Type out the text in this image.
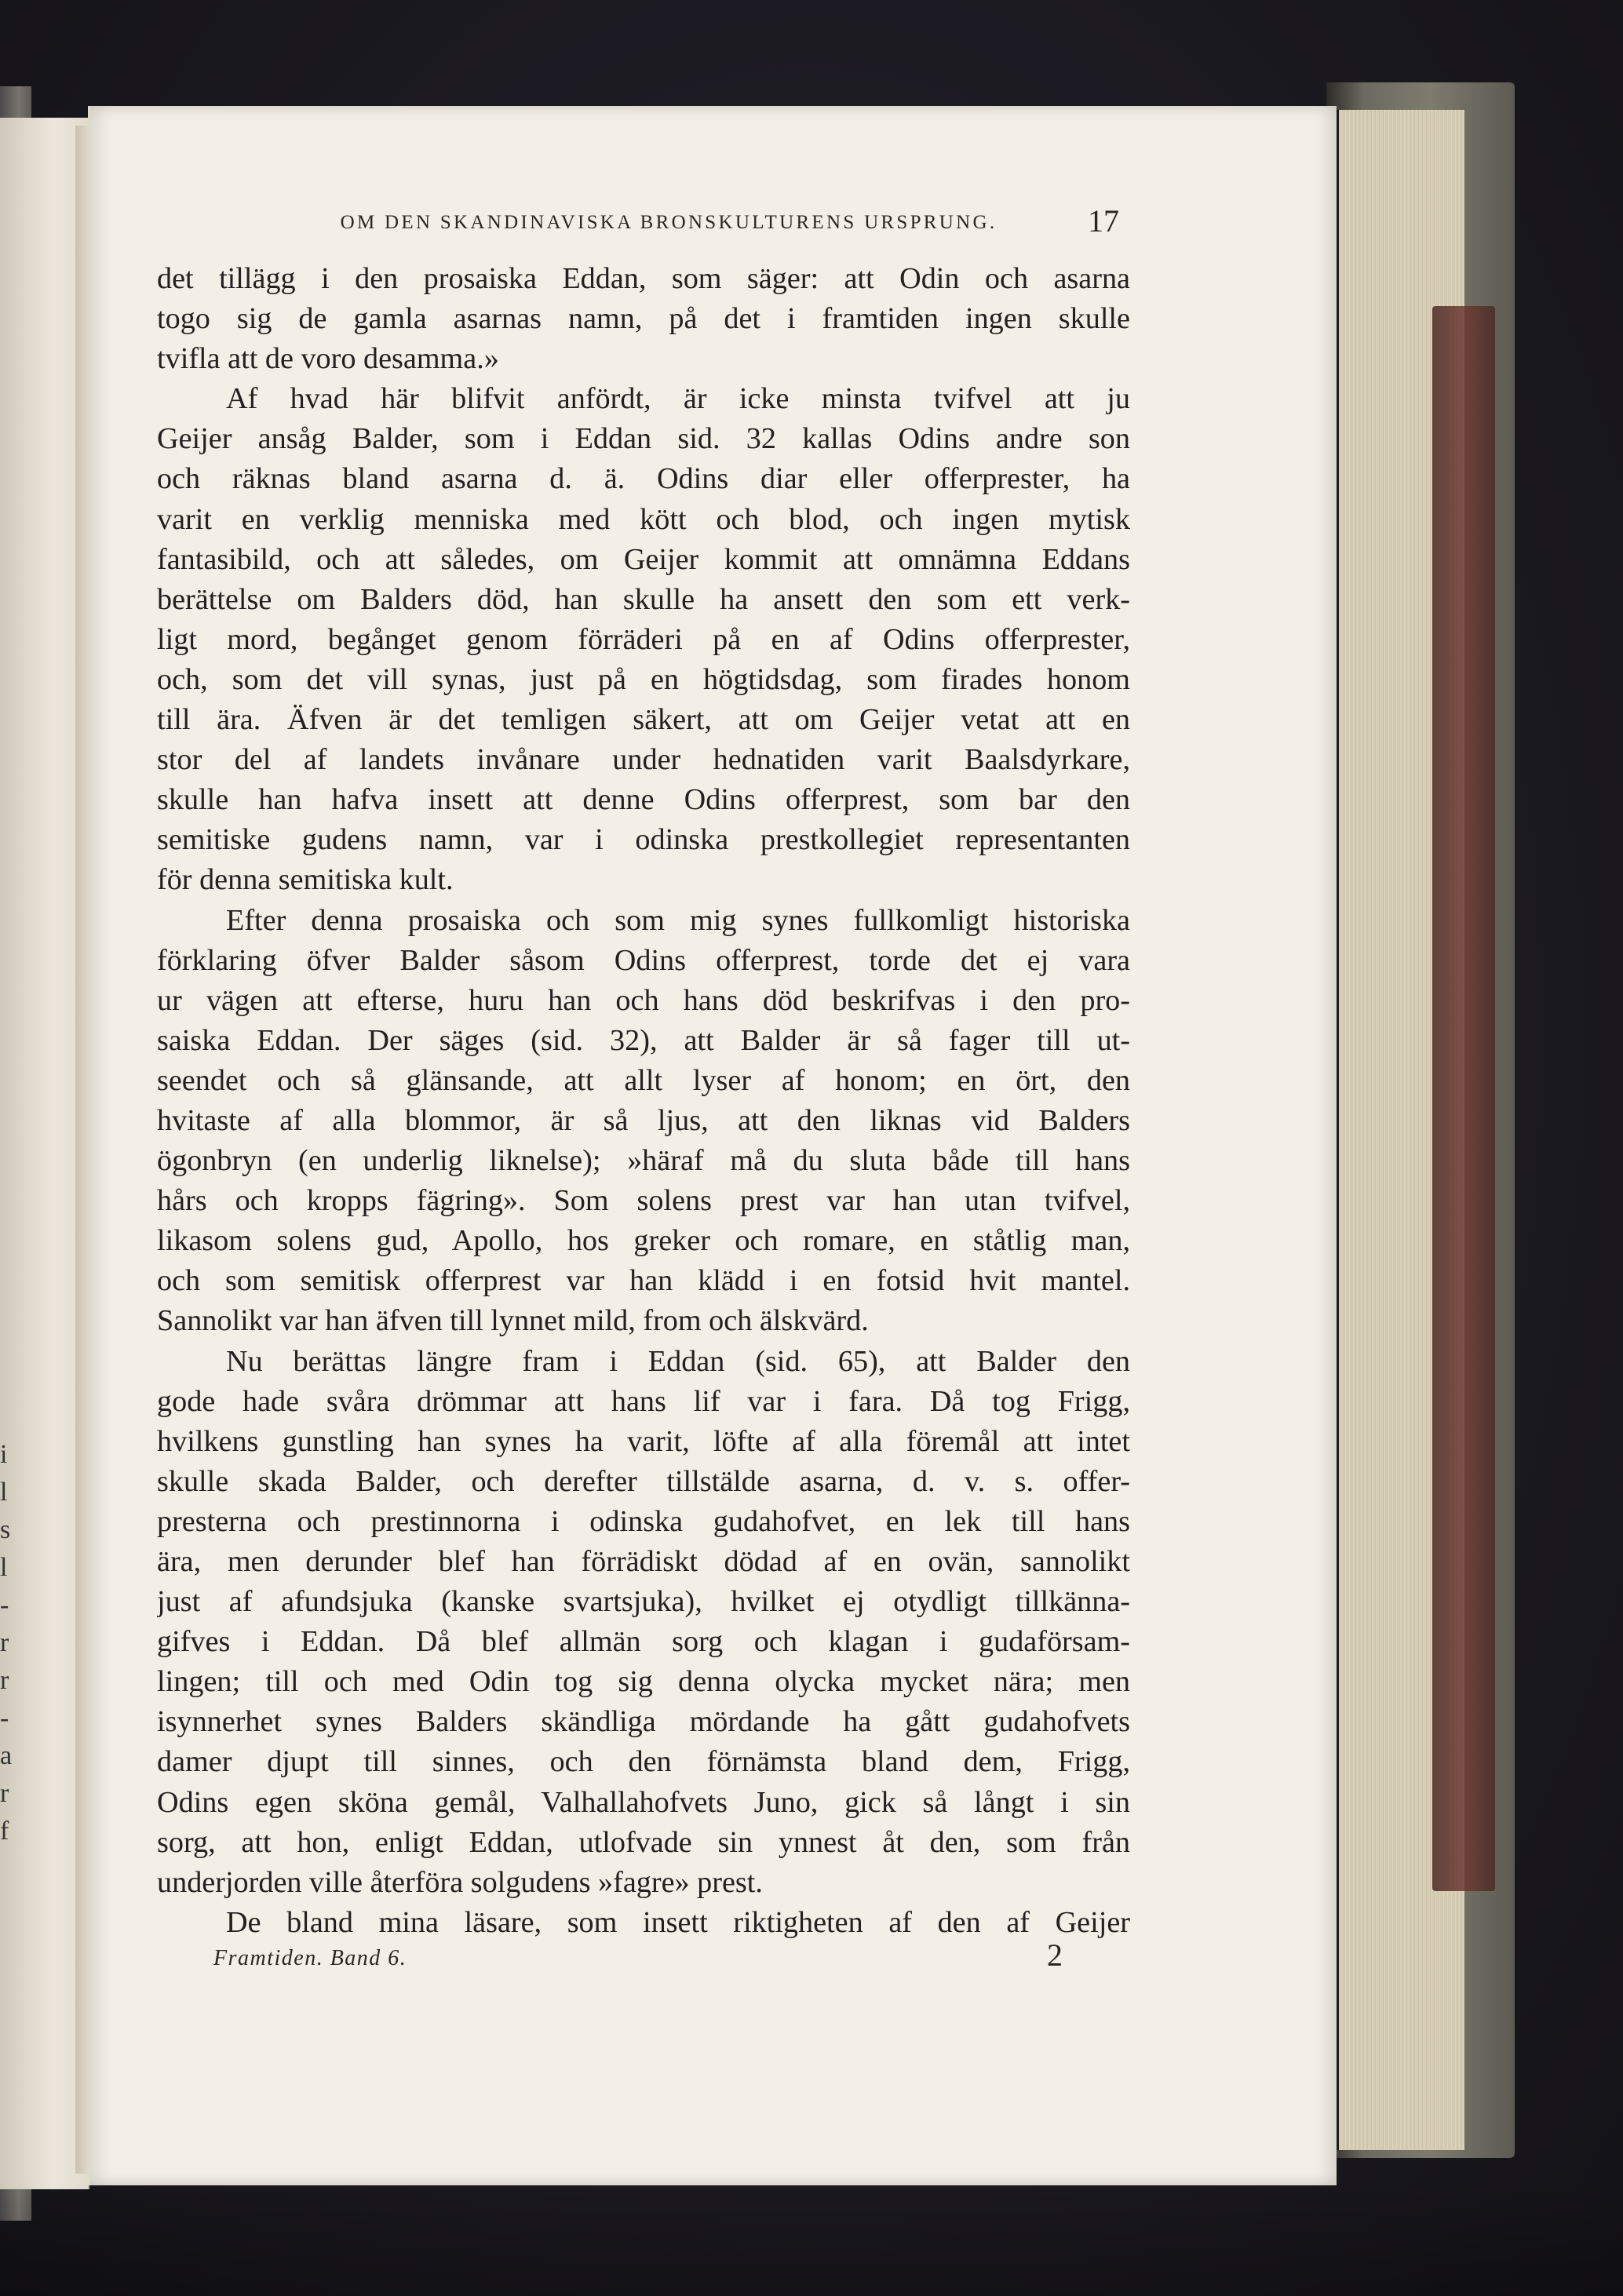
i
l
s
l
-
r
r
-
a
r
f
OM DEN SKANDINAVISKA BRONSKULTURENS URSPRUNG.	17
det tillägg i den prosaiska Eddan, som säger: att Odin och asarna
togo sig de gamla asarnas namn, på det i framtiden ingen skulle
tvifla att de voro desamma.»
Af hvad här blifvit anfördt, är icke minsta tvifvel att ju
Geijer ansåg Balder, som i Eddan sid. 32 kallas Odins andre son
och räknas bland asarna d. ä. Odins diar eller offerprester, ha
varit en verklig menniska med kött och blod, och ingen mytisk
fantasibild, och att således, om Geijer kommit att omnämna Eddans
berättelse om Balders död, han skulle ha ansett den som ett verk-
ligt mord, begånget genom förräderi på en af Odins offerprester,
och, som det vill synas, just på en högtidsdag, som firades honom
till ära. Äfven är det temligen säkert, att om Geijer vetat att en
stor del af landets invånare under hednatiden varit Baalsdyrkare,
skulle han hafva insett att denne Odins offerprest, som bar den
semitiske gudens namn, var i odinska prestkollegiet representanten
för denna semitiska kult.
Efter denna prosaiska och som mig synes fullkomligt historiska
förklaring öfver Balder såsom Odins offerprest, torde det ej vara
ur vägen att efterse, huru han och hans död beskrifvas i den pro-
saiska Eddan. Der säges (sid. 32), att Balder är så fager till ut-
seendet och så glänsande, att allt lyser af honom; en ört, den
hvitaste af alla blommor, är så ljus, att den liknas vid Balders
ögonbryn (en underlig liknelse); »häraf må du sluta både till hans
hårs och kropps fägring». Som solens prest var han utan tvifvel,
likasom solens gud, Apollo, hos greker och romare, en ståtlig man,
och som semitisk offerprest var han klädd i en fotsid hvit mantel.
Sannolikt var han äfven till lynnet mild, from och älskvärd.
Nu berättas längre fram i Eddan (sid. 65), att Balder den
gode hade svåra drömmar att hans lif var i fara. Då tog Frigg,
hvilkens gunstling han synes ha varit, löfte af alla föremål att intet
skulle skada Balder, och derefter tillstälde asarna, d. v. s. offer-
presterna och prestinnorna i odinska gudahofvet, en lek till hans
ära, men derunder blef han förrädiskt dödad af en ovän, sannolikt
just af afundsjuka (kanske svartsjuka), hvilket ej otydligt tillkänna-
gifves i Eddan. Då blef allmän sorg och klagan i gudaförsam-
lingen; till och med Odin tog sig denna olycka mycket nära; men
isynnerhet synes Balders skändliga mördande ha gått gudahofvets
damer djupt till sinnes, och den förnämsta bland dem, Frigg,
Odins egen sköna gemål, Valhallahofvets Juno, gick så långt i sin
sorg, att hon, enligt Eddan, utlofvade sin ynnest åt den, som från
underjorden ville återföra solgudens »fagre» prest.
De bland mina läsare, som insett riktigheten af den af Geijer
Framtiden. Band 6.	2
